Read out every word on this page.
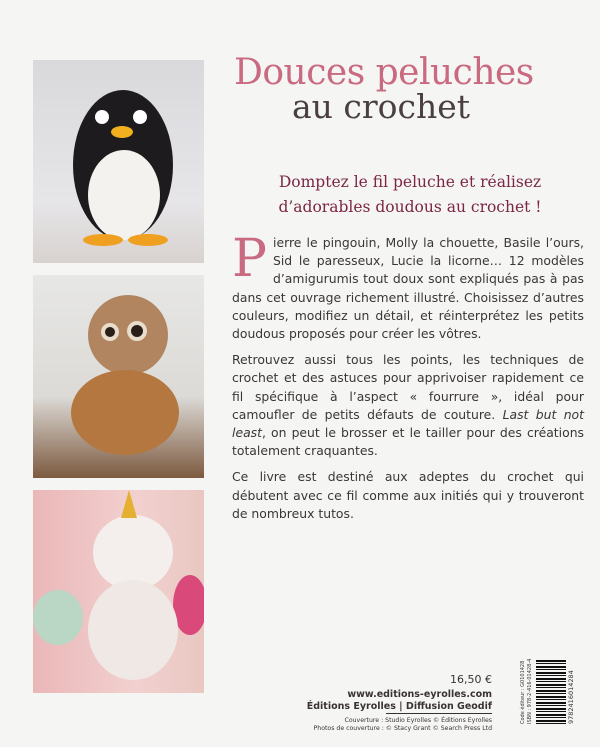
Douces peluches
au crochet
Domptez le fil peluche et réalisez
d’adorables doudous au crochet !

Pierre le pingouin, Molly la chouette, Basile l’ours, Sid le paresseux, Lucie la licorne… 12 modèles d’amigurumis tout doux sont expliqués pas à pas dans cet ouvrage richement illustré. Choisissez d’autres couleurs, modifiez un détail, et réinterprétez les petits doudous proposés pour créer les vôtres.

Retrouvez aussi tous les points, les techniques de crochet et des astuces pour apprivoiser rapidement ce fil spécifique à l’aspect « fourrure », idéal pour camoufler de petits défauts de couture. Last but not least, on peut le brosser et le tailler pour des créations totalement craquantes.

Ce livre est destiné aux adeptes du crochet qui débutent avec ce fil comme aux initiés qui y trouveront de nombreux tutos.

16,50 €
www.editions-eyrolles.com
Éditions Eyrolles | Diffusion Geodif
Couverture : Studio Eyrolles © Éditions Eyrolles
Photos de couverture : © Stacy Grant © Search Press Ltd
Code éditeur : G0101428 ISBN : 978-2-416-01428-4	9782416014284
